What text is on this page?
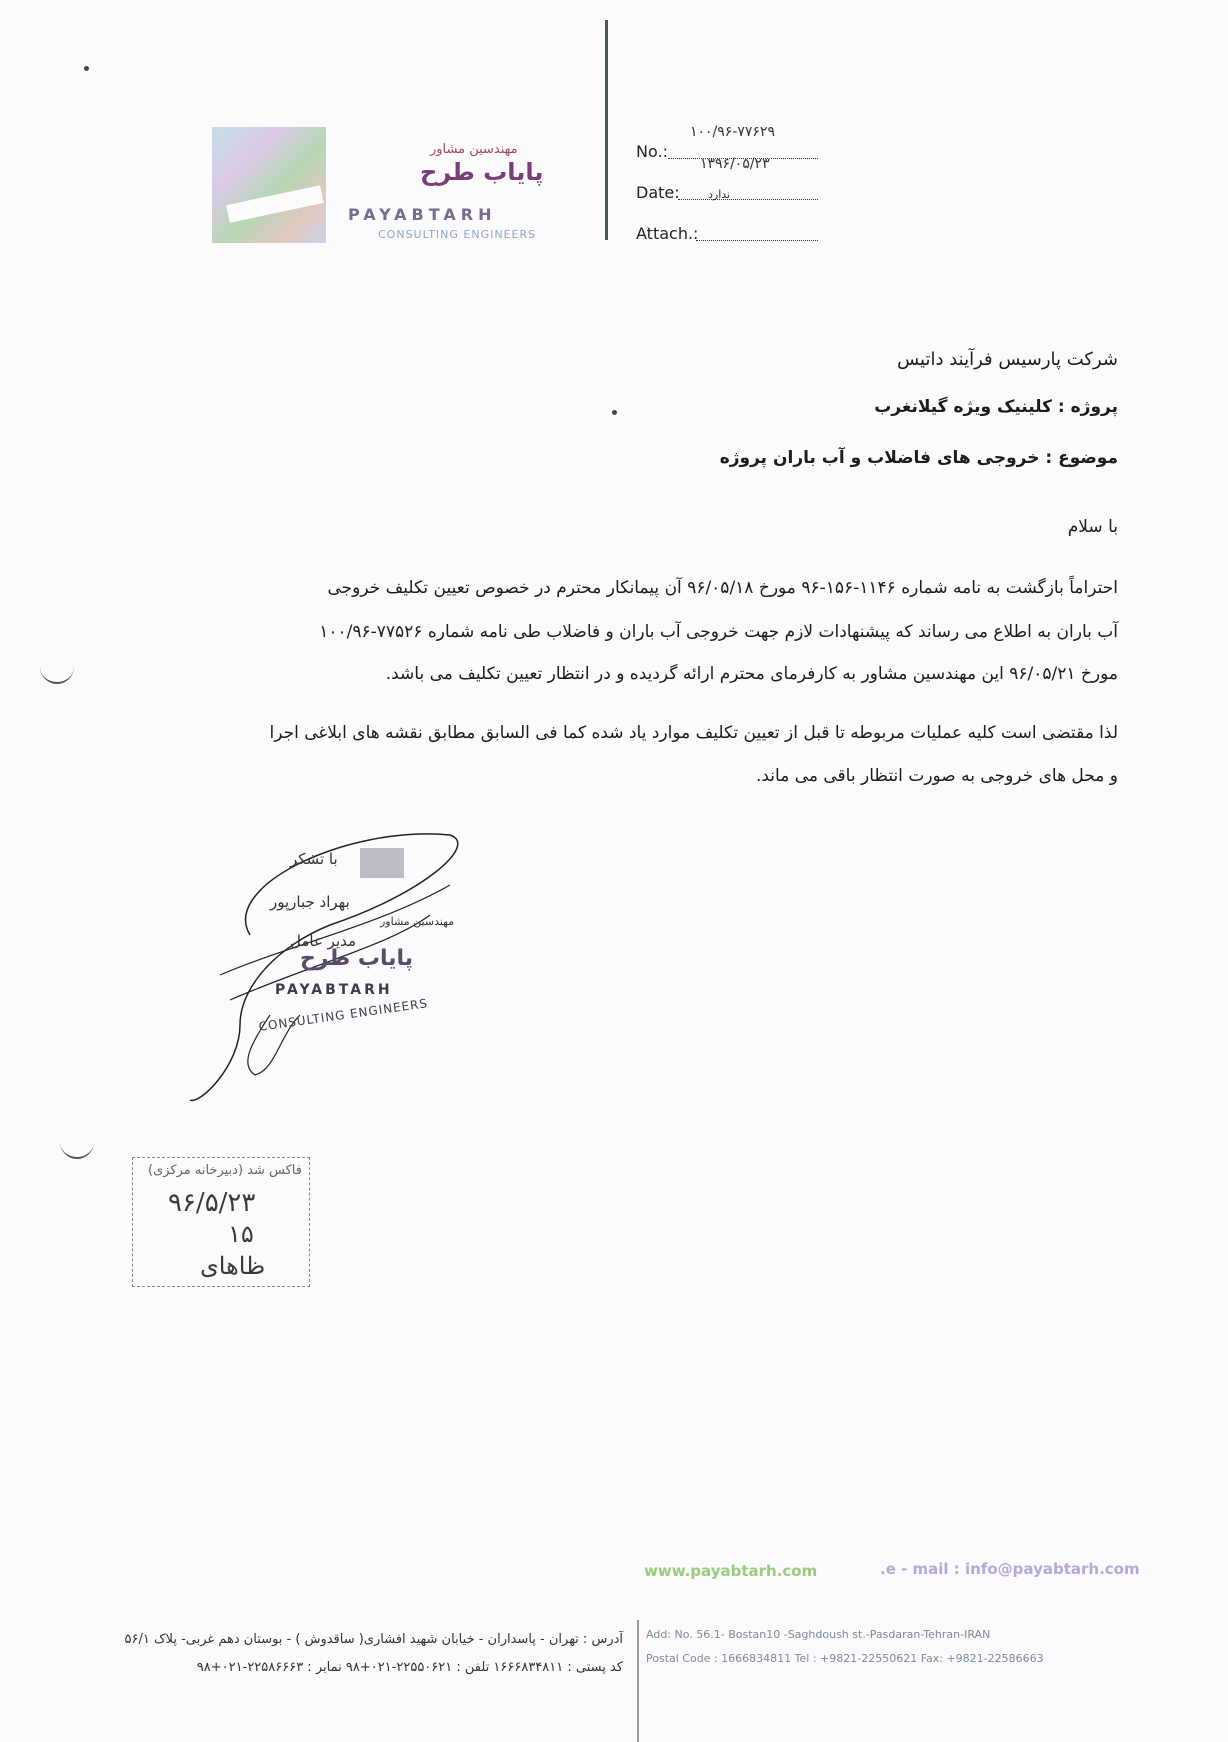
مهندسین مشاور
پایاب طرح
PAYABTARH
CONSULTING ENGINEERS
No.:
۱۰۰/۹۶-۷۷۶۲۹
۱۳۹۶/۰۵/۲۳
Date:	ندارد
Attach.:
شرکت پارسیس فرآیند داتیس
پروژه : کلینیک ویژه گیلانغرب
موضوع : خروجی های فاضلاب و آب باران پروژه
با سلام
احتراماً بازگشت به نامه شماره ۱۱۴۶-۱۵۶-۹۶ مورخ ۹۶/۰۵/۱۸ آن پیمانکار محترم در خصوص تعیین تکلیف خروجی
آب باران به اطلاع می رساند که پیشنهادات لازم جهت خروجی آب باران و فاضلاب طی نامه شماره ۷۷۵۲۶-۱۰۰/۹۶
مورخ ۹۶/۰۵/۲۱ این مهندسین مشاور به کارفرمای محترم ارائه گردیده و در انتظار تعیین تکلیف می باشد.
لذا مقتضی است کلیه عملیات مربوطه تا قبل از تعیین تکلیف موارد یاد شده کما فی السابق مطابق نقشه های ابلاغی اجرا
و محل های خروجی به صورت انتظار باقی می ماند.
با تشکر
بهراد جبارپور
مدیر عامل
مهندسین مشاور
پایاب طرح
PAYABTARH
CONSULTING ENGINEERS
فاکس شد (دبیرخانه مرکزی)
۹۶/۵/۲۳
۱۵
ظاهای
www.payabtarh.com	.e - mail : info@payabtarh.com
آدرس : تهران - پاسداران - خیابان شهید افشاری( ساقدوش ) - بوستان دهم غربی- پلاک ۵۶/۱
کد پستی : ۱۶۶۶۸۳۴۸۱۱ تلفن : ۲۲۵۵۰۶۲۱-۰۲۱+۹۸ نمابر : ۲۲۵۸۶۶۶۳-۰۲۱+۹۸
Add: No. 56.1- Bostan10 -Saghdoush st.-Pasdaran-Tehran-IRAN
Postal Code : 1666834811 Tel : +9821-22550621 Fax: +9821-22586663
